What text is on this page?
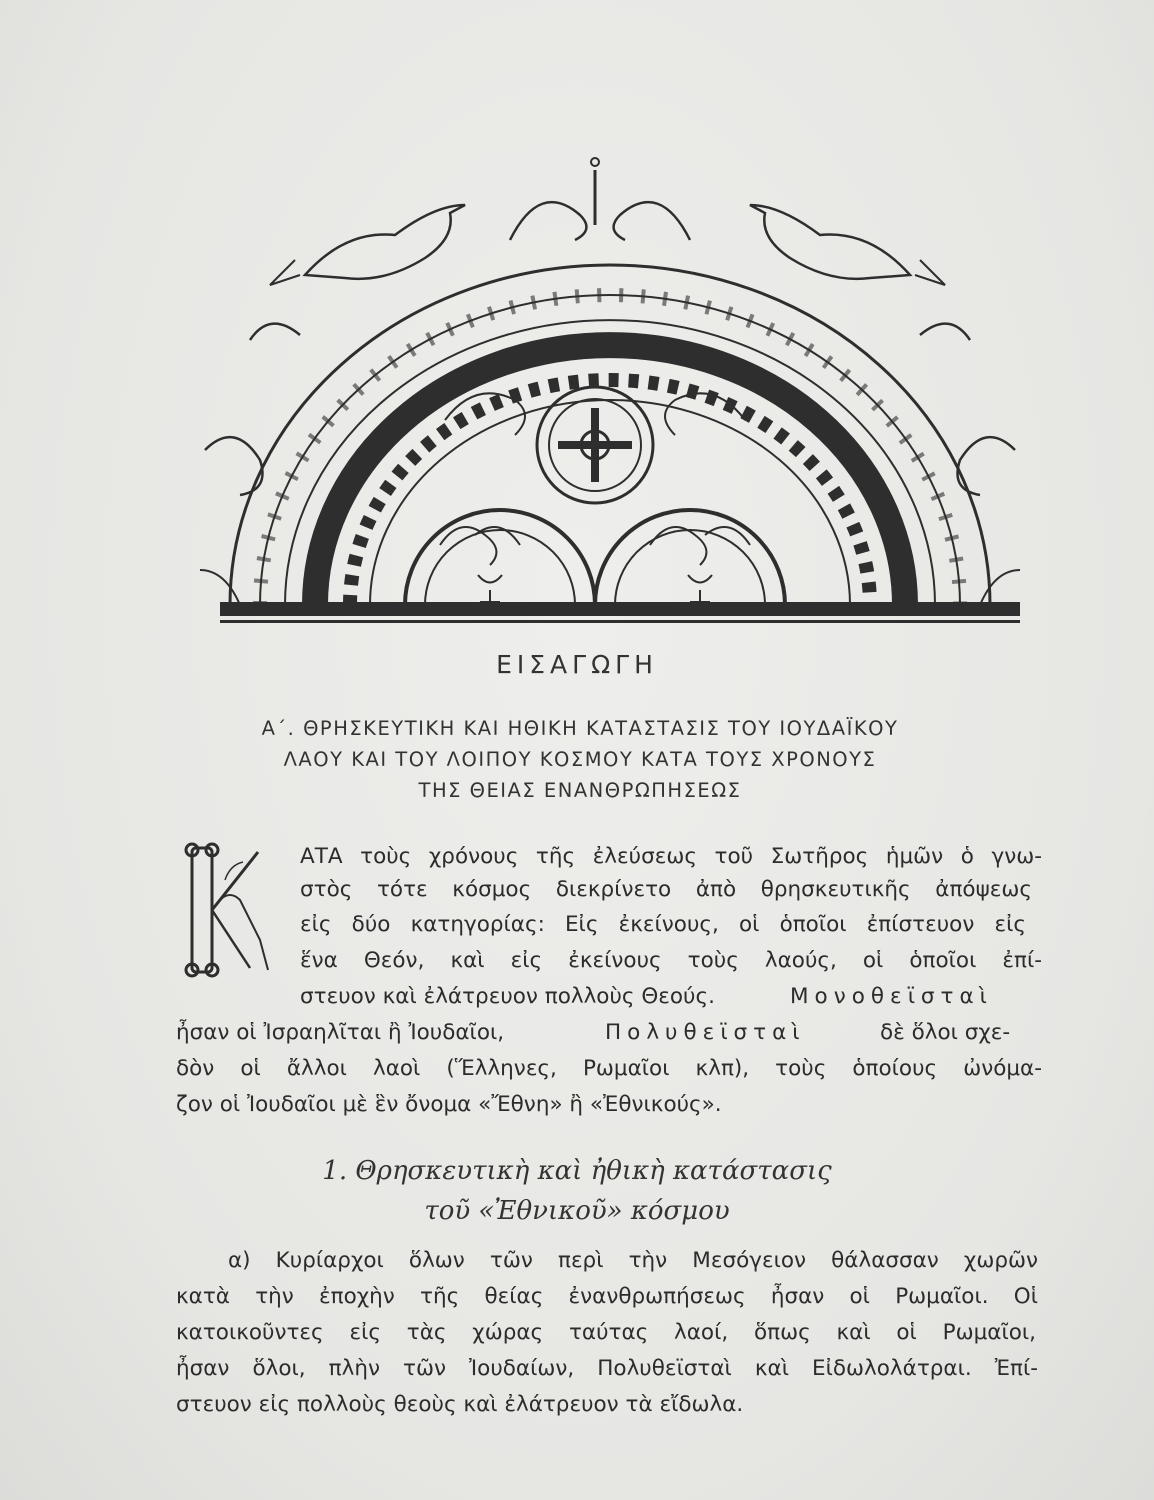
ΕΙΣΑΓΩΓΗ
Α΄. ΘΡΗΣΚΕΥΤΙΚΗ ΚΑΙ ΗΘΙΚΗ ΚΑΤΑΣΤΑΣΙΣ ΤΟΥ ΙΟΥΔΑΪΚΟΥ
ΛΑΟΥ ΚΑΙ ΤΟΥ ΛΟΙΠΟΥ ΚΟΣΜΟΥ ΚΑΤΑ ΤΟΥΣ ΧΡΟΝΟΥΣ
ΤΗΣ ΘΕΙΑΣ ΕΝΑΝΘΡΩΠΗΣΕΩΣ
ΑΤΑ τοὺς χρόνους τῆς ἐλεύσεως τοῦ Σωτῆρος ἡμῶν ὁ γνω-
στὸς τότε κόσμος διεκρίνετο ἀπὸ θρησκευτικῆς ἀπόψεως
εἰς δύο κατηγορίας: Εἰς ἐκείνους, οἱ ὁποῖοι ἐπίστευον εἰς
ἕνα Θεόν, καὶ εἰς ἐκείνους τοὺς λαούς, οἱ ὁποῖοι ἐπί-
στευον καὶ ἐλάτρευον πολλοὺς Θεούς.	Μονοθεϊσταὶ
ἦσαν οἱ Ἰσραηλῖται ἢ Ἰουδαῖοι,	Πολυθεϊσταὶ	δὲ ὅλοι σχε-
δὸν οἱ ἄλλοι λαοὶ (Ἕλληνες, Ρωμαῖοι κλπ), τοὺς ὁποίους ὠνόμα-
ζον οἱ Ἰουδαῖοι μὲ ἓν ὄνομα «Ἔθνη» ἢ «Ἐθνικούς».
1. Θρησκευτικὴ καὶ ἠθικὴ κατάστασις
τοῦ «Ἐθνικοῦ» κόσμου
α) Κυρίαρχοι ὅλων τῶν περὶ τὴν Μεσόγειον θάλασσαν χωρῶν
κατὰ τὴν ἐποχὴν τῆς θείας ἐνανθρωπήσεως ἦσαν οἱ Ρωμαῖοι. Οἱ
κατοικοῦντες εἰς τὰς χώρας ταύτας λαοί, ὅπως καὶ οἱ Ρωμαῖοι,
ἦσαν ὅλοι, πλὴν τῶν Ἰουδαίων, Πολυθεϊσταὶ καὶ Εἰδωλολάτραι. Ἐπί-
στευον εἰς πολλοὺς θεοὺς καὶ ἐλάτρευον τὰ εἴδωλα.
